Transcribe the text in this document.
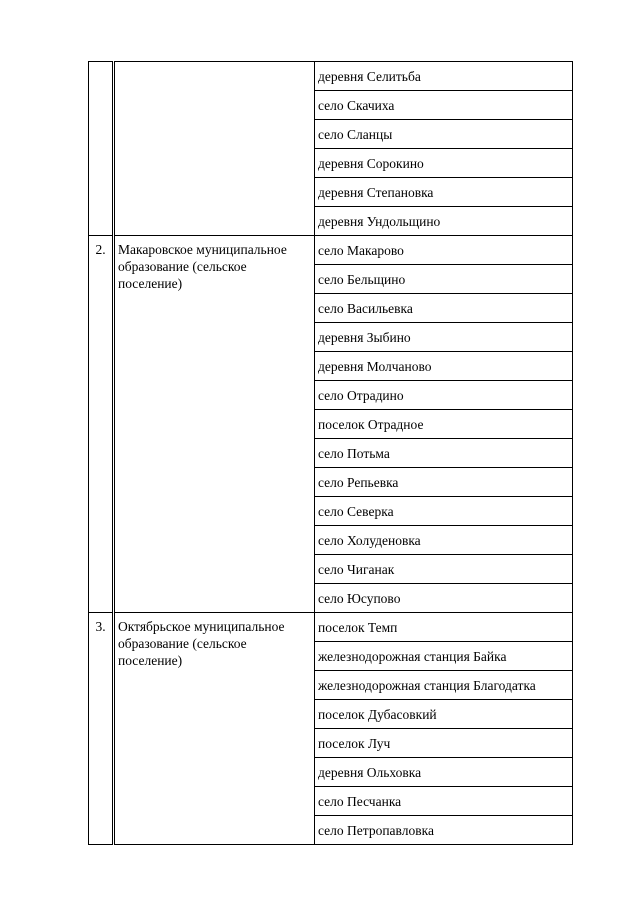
		деревня Селитьба
		село Скачиха
		село Сланцы
		деревня Сорокино
		деревня Степановка
		деревня Ундольщино
2.	Макаровское муниципальное образование (сельское поселение)	село Макарово
		село Бельщино
		село Васильевка
		деревня Зыбино
		деревня Молчаново
		село Отрадино
		поселок Отрадное
		село Потьма
		село Репьевка
		село Северка
		село Холуденовка
		село Чиганак
		село Юсупово
3.	Октябрьское муниципальное образование (сельское поселение)	поселок Темп
		железнодорожная станция Байка
		железнодорожная станция Благодатка
		поселок Дубасовкий
		поселок Луч
		деревня Ольховка
		село Песчанка
		село Петропавловка
